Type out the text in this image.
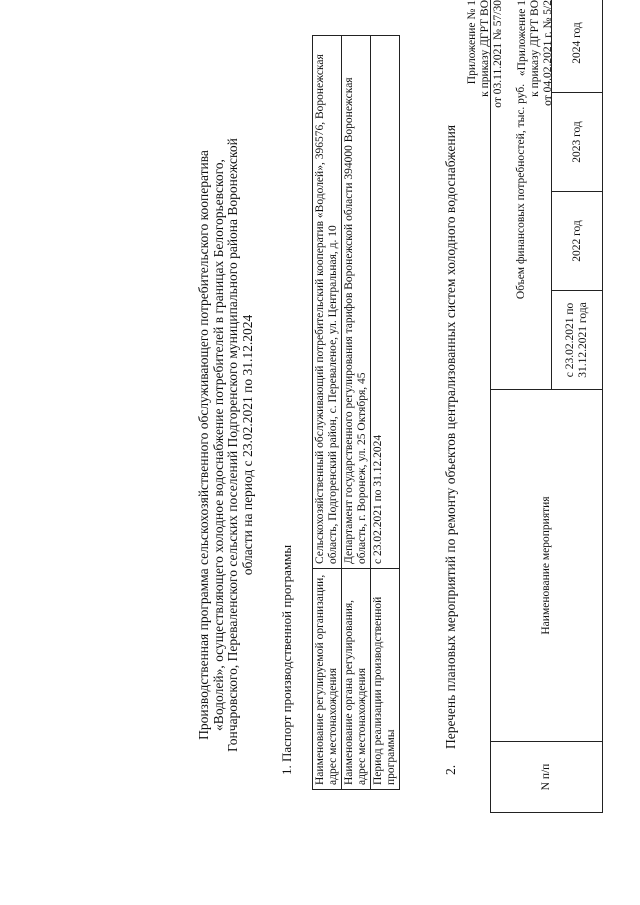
Приложение № 1 к приказу ДГРТ ВО от 03.11.2021 № 57/30 «Приложение 1 к приказу ДГРТ ВО от 04.02.2021 г. № 5/2
Производственная программа сельскохозяйственного обслуживающего потребительского кооператива «Водолей», осуществляющего холодное водоснабжение потребителей в границах Белогорьевского, Гончаровского, Переваленского сельских поселений Подгоренского муниципального района Воронежской области на период с 23.02.2021 по 31.12.2024
1. Паспорт производственной программы Наименование регулируемой организации, адрес местонахождения	Сельскохозяйственный обслуживающий потребительский кооператив «Водолей», 396576, Воронежская область, Подгоренский район, с. Переваленое, ул. Центральная, д. 10
Наименование органа регулирования, адрес местонахождения	Департамент государственного регулирования тарифов Воронежской области 394000 Воронежская область, г. Воронеж, ул. 25 Октября, 45
Период реализации производственной программы	с 23.02.2021 по 31.12.2024
2.Перечень плановых мероприятий по ремонту объектов централизованных систем холодного водоснабжения
N п/п	Наименование мероприятия	Объем финансовых потребностей, тыс. руб.			
		с 23.02.2021 по 31.12.2021 года	2022 год	2023 год	2024 год
